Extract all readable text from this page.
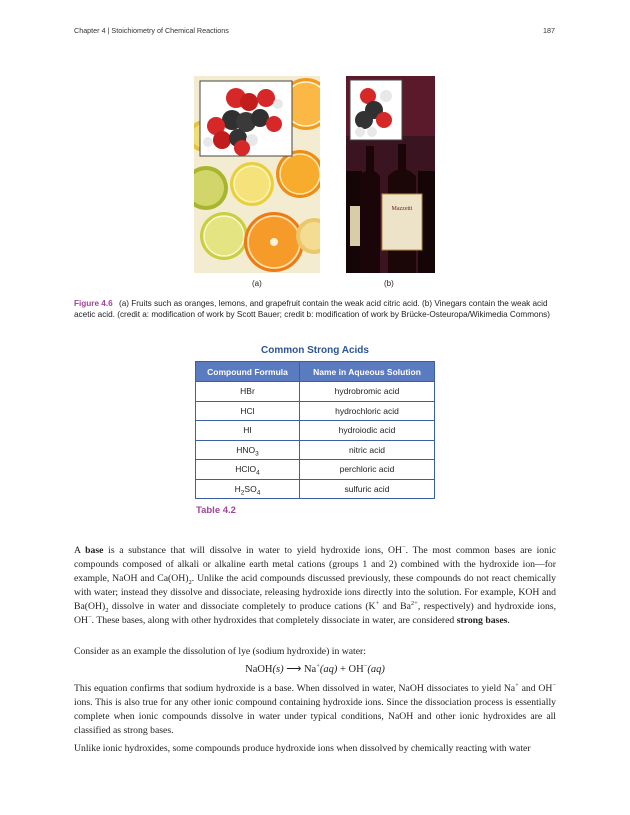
Chapter 4 | Stoichiometry of Chemical Reactions	187
Mazzetti
(a)	(b)
Figure 4.6 (a) Fruits such as oranges, lemons, and grapefruit contain the weak acid citric acid. (b) Vinegars contain the weak acid acetic acid. (credit a: modification of work by Scott Bauer; credit b: modification of work by Brücke-Osteuropa/Wikimedia Commons)
Common Strong Acids
Compound Formula	Name in Aqueous Solution
HBr	hydrobromic acid
HCl	hydrochloric acid
HI	hydroiodic acid
$HNO_3$	nitric acid
HClO$_4$	perchloric acid
$H_2SO_4$	sulfuric acid
Table 4.2
A base is a substance that will dissolve in water to yield hydroxide ions, OH−. The most common bases are ionic compounds composed of alkali or alkaline earth metal cations (groups 1 and 2) combined with the hydroxide ion—for example, NaOH and $Ca(OH)_2$. Unlike the acid compounds discussed previously, these compounds do not react chemically with water; instead they dissolve and dissociate, releasing hydroxide ions directly into the solution. For example, KOH and $Ba(OH)_2$ dissolve in water and dissociate completely to produce cations (K+ and $Ba^{2+}$, respectively) and hydroxide ions, OH−. These bases, along with other hydroxides that completely dissociate in water, are considered strong bases.
Consider as an example the dissolution of lye (sodium hydroxide) in water:
NaOH(s) ⟶ Na+(aq) + OH−(aq)
This equation confirms that sodium hydroxide is a base. When dissolved in water, NaOH dissociates to yield Na+ and OH− ions. This is also true for any other ionic compound containing hydroxide ions. Since the dissociation process is essentially complete when ionic compounds dissolve in water under typical conditions, NaOH and other ionic hydroxides are all classified as strong bases.
Unlike ionic hydroxides, some compounds produce hydroxide ions when dissolved by chemically reacting with water
